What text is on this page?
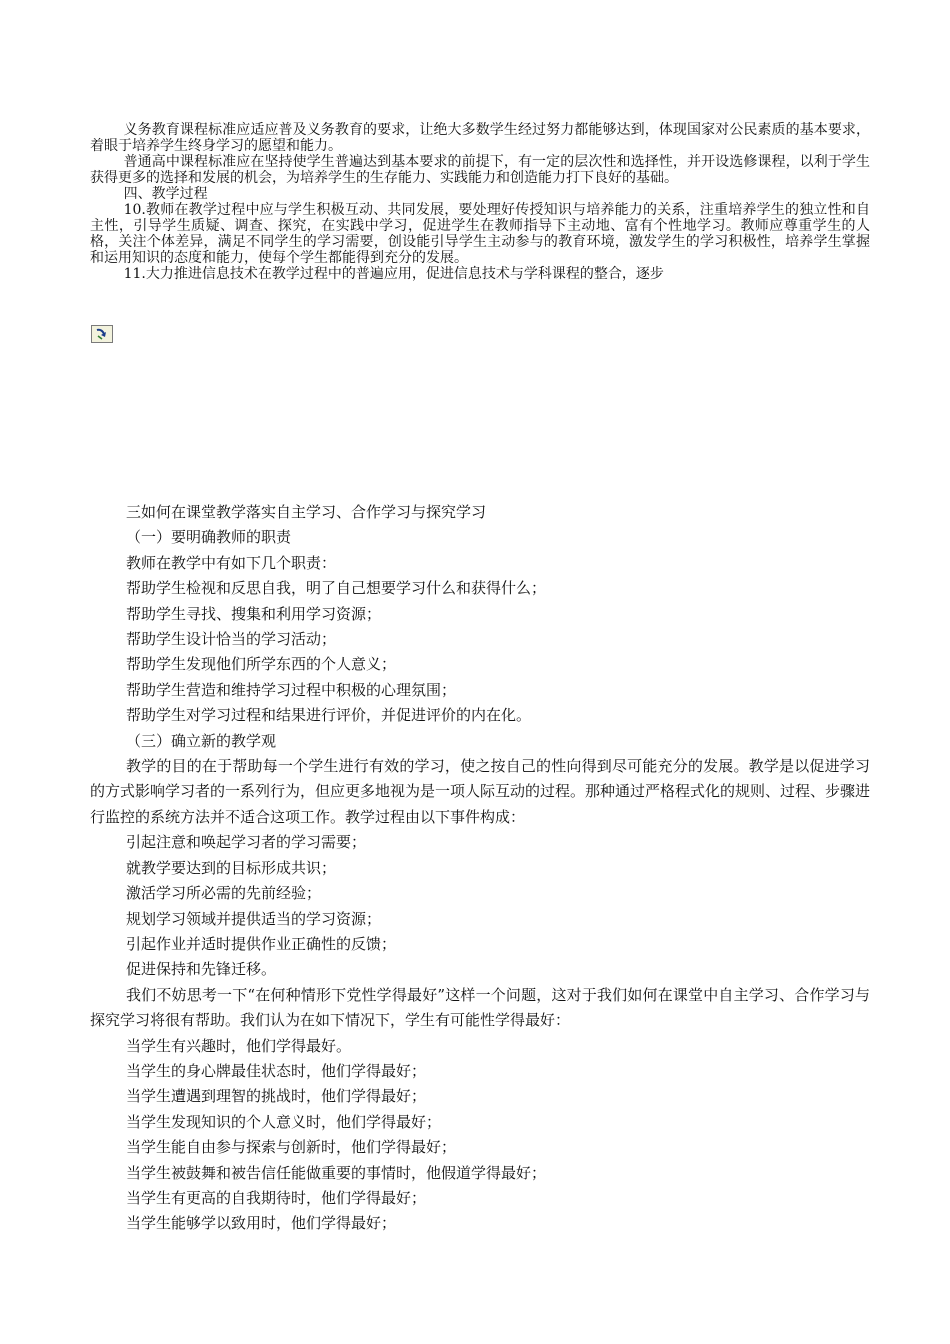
义务教育课程标准应适应普及义务教育的要求，让绝大多数学生经过努力都能够达到，体现国家对公民素质的基本要求，着眼于培养学生终身学习的愿望和能力。

普通高中课程标准应在坚持使学生普遍达到基本要求的前提下，有一定的层次性和选择性，并开设选修课程，以利于学生获得更多的选择和发展的机会，为培养学生的生存能力、实践能力和创造能力打下良好的基础。

四、教学过程

10.教师在教学过程中应与学生积极互动、共同发展，要处理好传授知识与培养能力的关系，注重培养学生的独立性和自主性，引导学生质疑、调查、探究，在实践中学习，促进学生在教师指导下主动地、富有个性地学习。教师应尊重学生的人格，关注个体差异，满足不同学生的学习需要，创设能引导学生主动参与的教育环境，激发学生的学习积极性，培养学生掌握和运用知识的态度和能力，使每个学生都能得到充分的发展。

11.大力推进信息技术在教学过程中的普遍应用，促进信息技术与学科课程的整合，逐步

三如何在课堂教学落实自主学习、合作学习与探究学习

（一）要明确教师的职责

教师在教学中有如下几个职责：

帮助学生检视和反思自我，明了自己想要学习什么和获得什么；

帮助学生寻找、搜集和利用学习资源；

帮助学生设计恰当的学习活动；

帮助学生发现他们所学东西的个人意义；

帮助学生营造和维持学习过程中积极的心理氛围；

帮助学生对学习过程和结果进行评价，并促进评价的内在化。

（三）确立新的教学观

教学的目的在于帮助每一个学生进行有效的学习，使之按自己的性向得到尽可能充分的发展。教学是以促进学习的方式影响学习者的一系列行为，但应更多地视为是一项人际互动的过程。那种通过严格程式化的规则、过程、步骤进行监控的系统方法并不适合这项工作。教学过程由以下事件构成：

引起注意和唤起学习者的学习需要；

就教学要达到的目标形成共识；

激活学习所必需的先前经验；

规划学习领域并提供适当的学习资源；

引起作业并适时提供作业正确性的反馈；

促进保持和先锋迁移。

我们不妨思考一下“在何种情形下党性学得最好”这样一个问题，这对于我们如何在课堂中自主学习、合作学习与探究学习将很有帮助。我们认为在如下情况下，学生有可能性学得最好：

当学生有兴趣时，他们学得最好。

当学生的身心牌最佳状态时，他们学得最好；

当学生遭遇到理智的挑战时，他们学得最好；

当学生发现知识的个人意义时，他们学得最好；

当学生能自由参与探索与创新时，他们学得最好；

当学生被鼓舞和被告信任能做重要的事情时，他假道学得最好；

当学生有更高的自我期待时，他们学得最好；

当学生能够学以致用时，他们学得最好；
